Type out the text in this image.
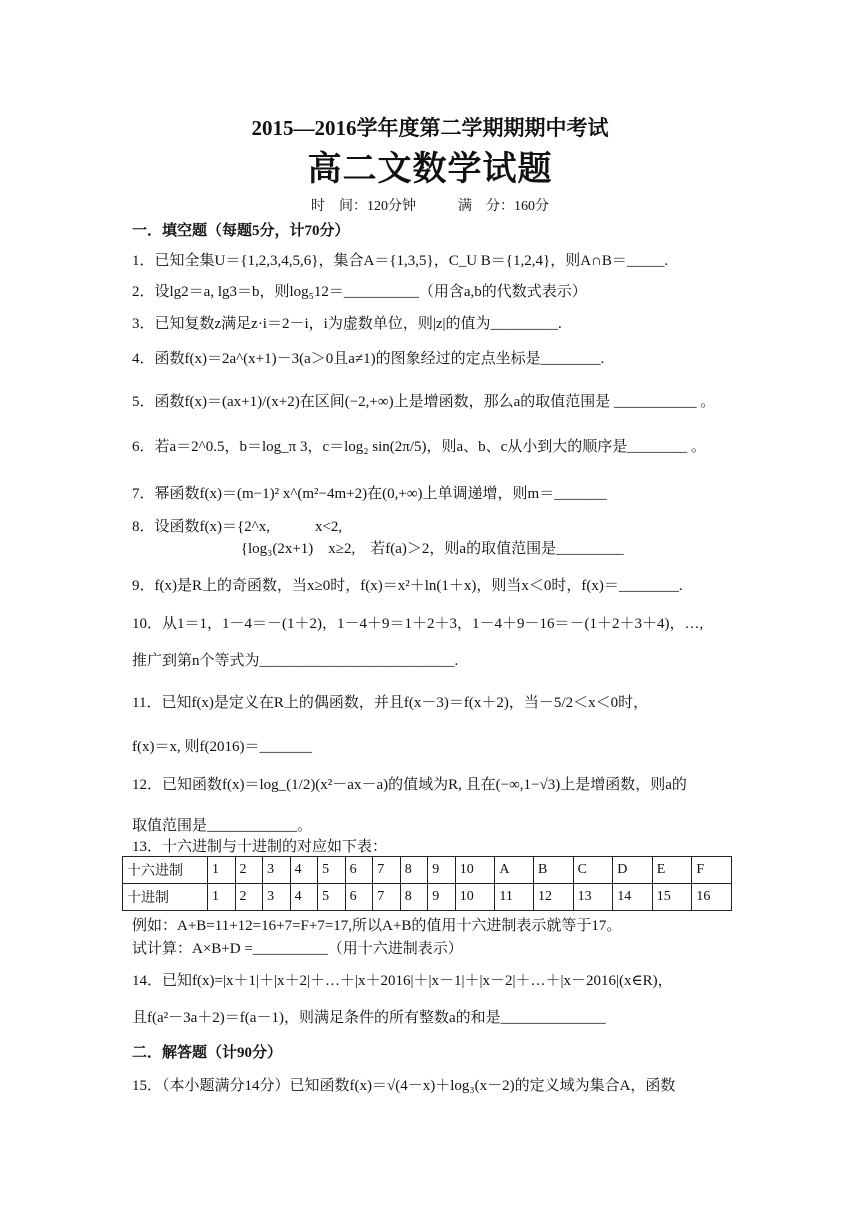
2015—2016学年度第二学期期期中考试
高二文数学试题
时　间：120分钟　　　满　分：160分
一．填空题（每题5分，计70分）
1．已知全集U＝{1,2,3,4,5,6}，集合A＝{1,3,5}，C_U B＝{1,2,4}，则A∩B＝_____.
2．设lg2＝a, lg3＝b，则log₅12＝__________（用含a,b的代数式表示）
3．已知复数z满足z·i＝2－i，i为虚数单位，则|z|的值为_________.
4．函数f(x)＝2a^(x+1)－3(a＞0且a≠1)的图象经过的定点坐标是________.
5．函数f(x)＝(ax+1)/(x+2)在区间(−2,+∞)上是增函数，那么a的取值范围是 ___________ 。
6．若a＝2^0.5，b＝log_π 3，c＝log₂ sin(2π/5)，则a、b、c从小到大的顺序是________ 。
7．幂函数f(x)＝(m−1)² x^(m²−4m+2)在(0,+∞)上单调递增，则m＝_______
8．设函数f(x)＝{2^x,　　　x<2,
　　　　　　　 {log₃(2x+1)　x≥2,　若f(a)＞2，则a的取值范围是_________
9．f(x)是R上的奇函数，当x≥0时，f(x)＝x²＋ln(1＋x)，则当x＜0时，f(x)＝________.
10．从1＝1，1－4＝－(1＋2)，1－4＋9＝1＋2＋3，1－4＋9－16＝－(1＋2＋3＋4)，…,
推广到第n个等式为__________________________.
11．已知f(x)是定义在R上的偶函数，并且f(x－3)＝f(x＋2)，当－5/2＜x＜0时，
f(x)＝x, 则f(2016)＝_______
12．已知函数f(x)＝log_(1/2)(x²－ax－a)的值域为R, 且在(−∞,1−√3)上是增函数，则a的
取值范围是____________。
13．十六进制与十进制的对应如下表：
十六进制	1	2	3	4	5	6	7	8	9	10	A	B	C	D	E	F
十进制	1	2	3	4	5	6	7	8	9	10	11	12	13	14	15	16
例如：A+B=11+12=16+7=F+7=17,所以A+B的值用十六进制表示就等于17。
试计算：A×B+D =__________（用十六进制表示）
14．已知f(x)=|x＋1|＋|x＋2|＋…＋|x＋2016|＋|x－1|＋|x－2|＋…＋|x－2016|(x∈R)，
且f(a²－3a＋2)＝f(a－1)，则满足条件的所有整数a的和是______________
二．解答题（计90分）
15．（本小题满分14分）已知函数f(x)＝√(4－x)＋log₃(x－2)的定义域为集合A，函数
